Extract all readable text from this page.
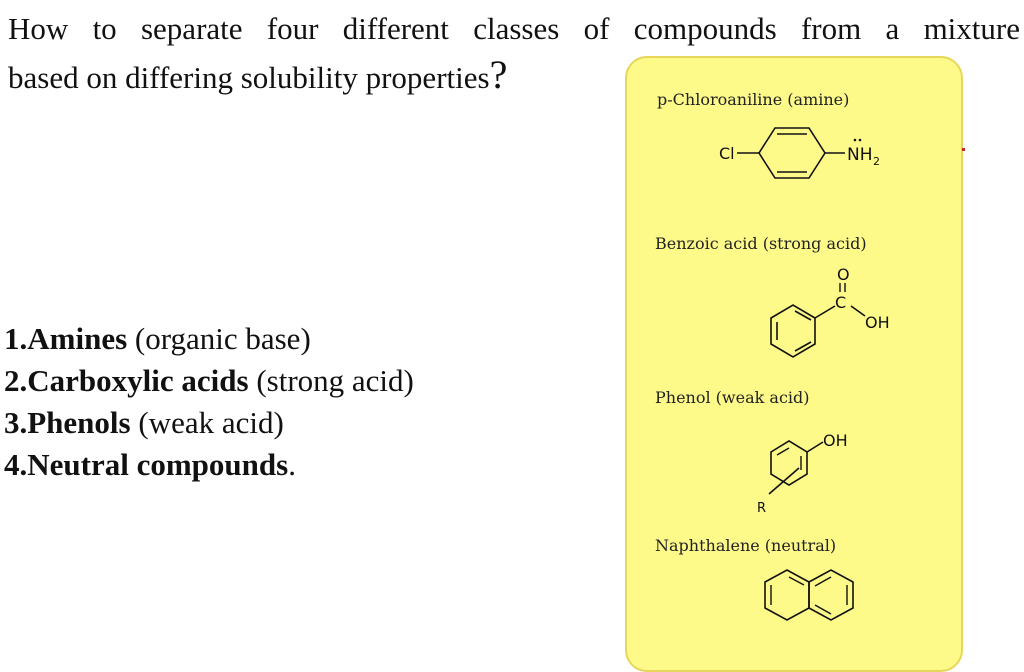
How to separate four different classes of compounds from a mixture
based on differing solubility properties?
1.Amines (organic base)
2.Carboxylic acids (strong acid)
3.Phenols (weak acid)
4.Neutral compounds.
p-Chloroaniline (amine)
Cl	NH 2
Benzoic acid (strong acid)
O
C
OH
Phenol (weak acid)
OH
R
Naphthalene (neutral)
